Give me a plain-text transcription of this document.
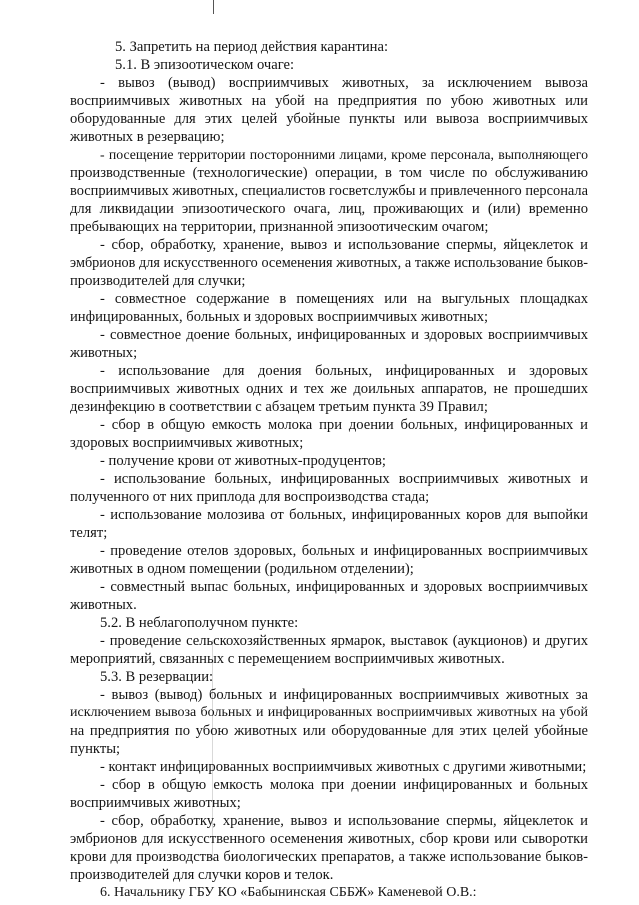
5. Запретить на период действия карантина:

5.1. В эпизоотическом очаге:

- вывоз (вывод) восприимчивых животных, за исключением вывоза

восприимчивых животных на убой на предприятия по убою животных или

оборудованные для этих целей убойные пункты или вывоза восприимчивых

животных в резервацию;

- посещение территории посторонними лицами, кроме персонала, выполняющего

производственные (технологические) операции, в том числе по обслуживанию

восприимчивых животных, специалистов госветслужбы и привлеченного персонала

для ликвидации эпизоотического очага, лиц, проживающих и (или) временно

пребывающих на территории, признанной эпизоотическим очагом;

- сбор, обработку, хранение, вывоз и использование спермы, яйцеклеток и

эмбрионов для искусственного осеменения животных, а также использование быков-

производителей для случки;

- совместное содержание в помещениях или на выгульных площадках

инфицированных, больных и здоровых восприимчивых животных;

- совместное доение больных, инфицированных и здоровых восприимчивых

животных;

- использование для доения больных, инфицированных и здоровых

восприимчивых животных одних и тех же доильных аппаратов, не прошедших

дезинфекцию в соответствии с абзацем третьим пункта 39 Правил;

- сбор в общую емкость молока при доении больных, инфицированных и

здоровых восприимчивых животных;

- получение крови от животных-продуцентов;

- использование больных, инфицированных восприимчивых животных и

полученного от них приплода для воспроизводства стада;

- использование молозива от больных, инфицированных коров для выпойки

телят;

- проведение отелов здоровых, больных и инфицированных восприимчивых

животных в одном помещении (родильном отделении);

- совместный выпас больных, инфицированных и здоровых восприимчивых

животных.

5.2. В неблагополучном пункте:

- проведение сельскохозяйственных ярмарок, выставок (аукционов) и других

мероприятий, связанных с перемещением восприимчивых животных.

5.3. В резервации:

- вывоз (вывод) больных и инфицированных восприимчивых животных за

исключением вывоза больных и инфицированных восприимчивых животных на убой

на предприятия по убою животных или оборудованные для этих целей убойные

пункты;

- контакт инфицированных восприимчивых животных с другими животными;

- сбор в общую емкость молока при доении инфицированных и больных

восприимчивых животных;

- сбор, обработку, хранение, вывоз и использование спермы, яйцеклеток и

эмбрионов для искусственного осеменения животных, сбор крови или сыворотки

крови для производства биологических препаратов, а также использование быков-

производителей для случки коров и телок.

6. Начальнику ГБУ КО «Бабынинская СББЖ» Каменевой О.В.:
